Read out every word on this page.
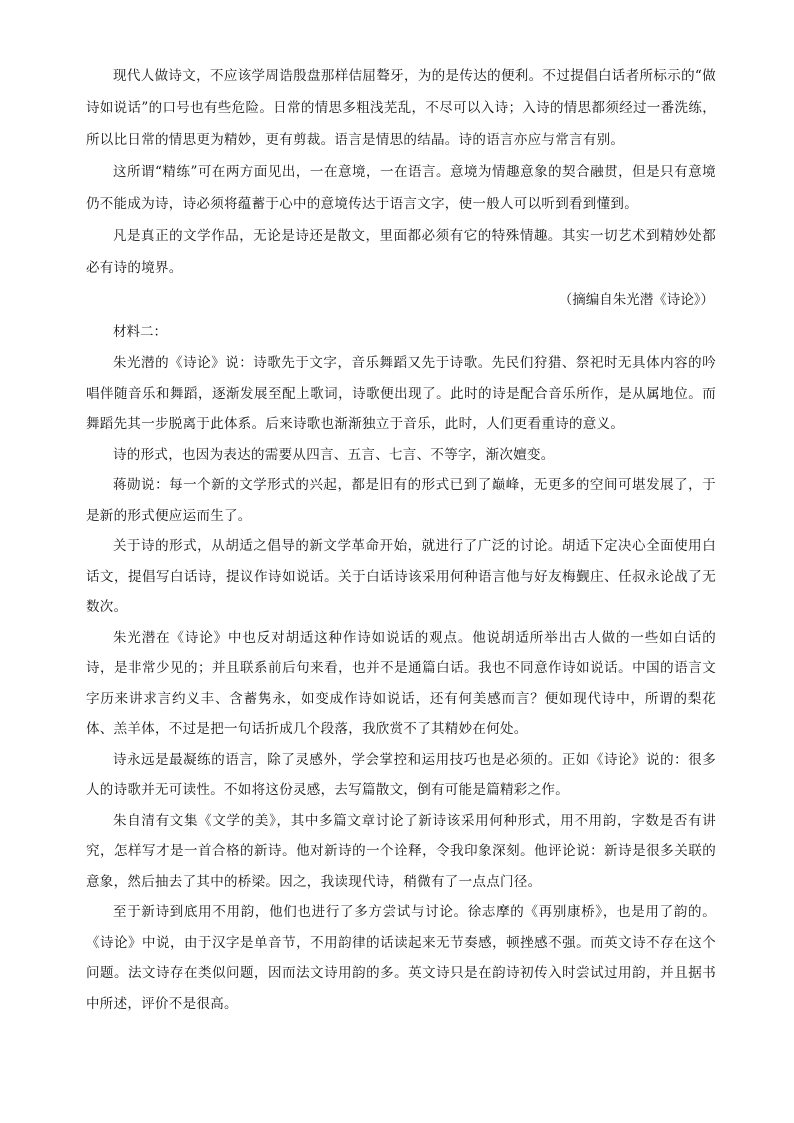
现代人做诗文，不应该学周诰殷盘那样佶屈聱牙，为的是传达的便利。不过提倡白话者所标示的“做诗如说话”的口号也有些危险。日常的情思多粗浅芜乱，不尽可以入诗；入诗的情思都须经过一番洗练，所以比日常的情思更为精妙，更有剪裁。语言是情思的结晶。诗的语言亦应与常言有别。

这所谓“精练”可在两方面见出，一在意境，一在语言。意境为情趣意象的契合融贯，但是只有意境仍不能成为诗，诗必须将蕴蓄于心中的意境传达于语言文字，使一般人可以听到看到懂到。

凡是真正的文学作品，无论是诗还是散文，里面都必须有它的特殊情趣。其实一切艺术到精妙处都必有诗的境界。

（摘编自朱光潜《诗论》）

材料二：

朱光潜的《诗论》说：诗歌先于文字，音乐舞蹈又先于诗歌。先民们狩猎、祭祀时无具体内容的吟唱伴随音乐和舞蹈，逐渐发展至配上歌词，诗歌便出现了。此时的诗是配合音乐所作，是从属地位。而舞蹈先其一步脱离于此体系。后来诗歌也渐渐独立于音乐，此时，人们更看重诗的意义。

诗的形式，也因为表达的需要从四言、五言、七言、不等字，渐次嬗变。

蒋勋说：每一个新的文学形式的兴起，都是旧有的形式已到了巅峰，无更多的空间可堪发展了，于是新的形式便应运而生了。

关于诗的形式，从胡适之倡导的新文学革命开始，就进行了广泛的讨论。胡适下定决心全面使用白话文，提倡写白话诗，提议作诗如说话。关于白话诗该采用何种语言他与好友梅觐庄、任叔永论战了无数次。

朱光潜在《诗论》中也反对胡适这种作诗如说话的观点。他说胡适所举出古人做的一些如白话的诗，是非常少见的；并且联系前后句来看，也并不是通篇白话。我也不同意作诗如说话。中国的语言文字历来讲求言约义丰、含蓄隽永，如变成作诗如说话，还有何美感而言？便如现代诗中，所谓的梨花体、羔羊体，不过是把一句话折成几个段落，我欣赏不了其精妙在何处。

诗永远是最凝练的语言，除了灵感外，学会掌控和运用技巧也是必须的。正如《诗论》说的：很多人的诗歌并无可读性。不如将这份灵感，去写篇散文，倒有可能是篇精彩之作。

朱自清有文集《文学的美》，其中多篇文章讨论了新诗该采用何种形式，用不用韵，字数是否有讲究，怎样写才是一首合格的新诗。他对新诗的一个诠释，令我印象深刻。他评论说：新诗是很多关联的意象，然后抽去了其中的桥梁。因之，我读现代诗，稍微有了一点点门径。

至于新诗到底用不用韵，他们也进行了多方尝试与讨论。徐志摩的《再别康桥》，也是用了韵的。《诗论》中说，由于汉字是单音节，不用韵律的话读起来无节奏感，顿挫感不强。而英文诗不存在这个问题。法文诗存在类似问题，因而法文诗用韵的多。英文诗只是在韵诗初传入时尝试过用韵，并且据书中所述，评价不是很高。
